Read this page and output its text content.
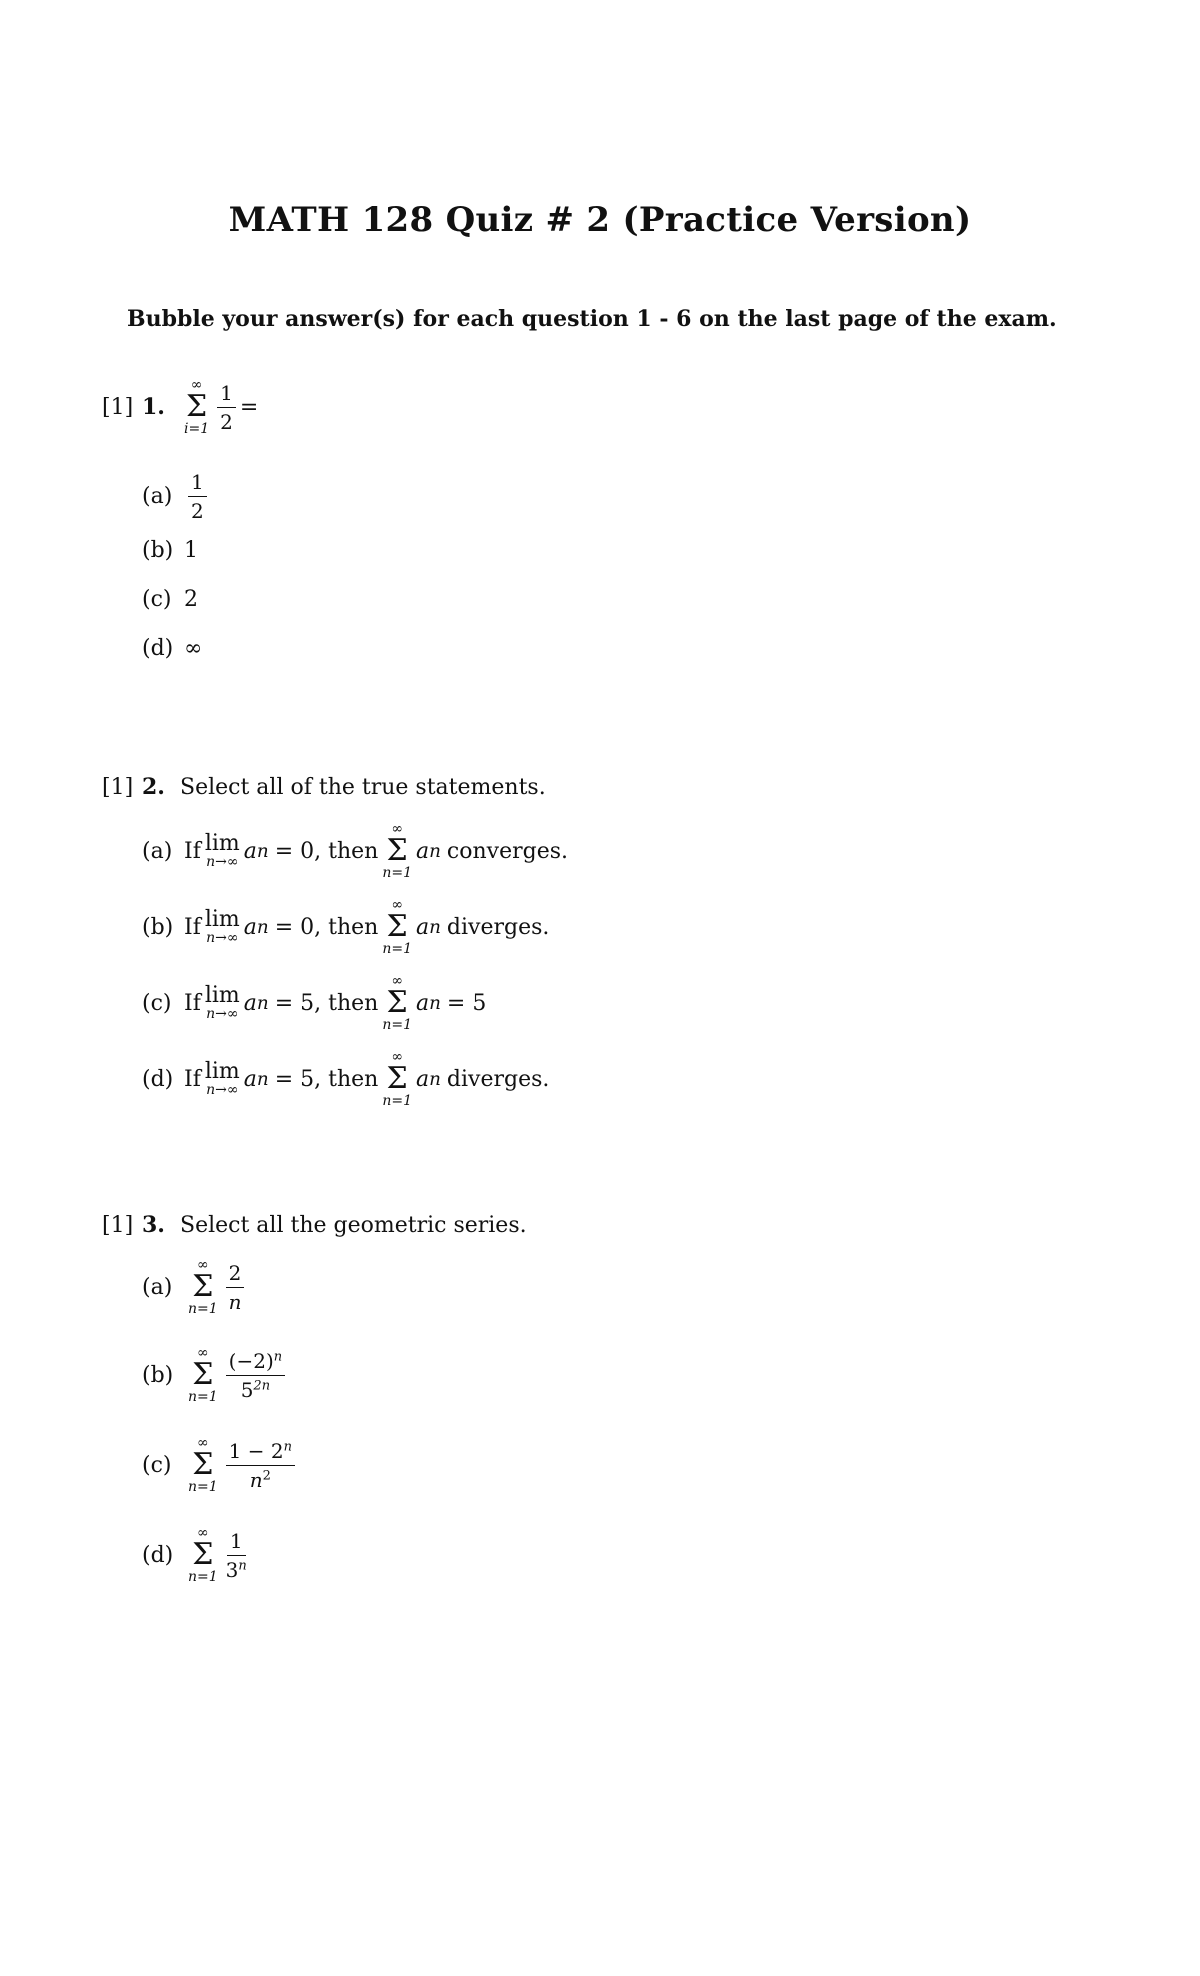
MATH 128 Quiz # 2 (Practice Version)
Bubble your answer(s) for each question 1 - 6 on the last page of the exam.
[1] 1.
∞
Σ
$i=1 \frac{1}{2}$ =
$(a) \frac{1}{2}$
(b) 1
(c) 2
(d) ∞
[1] 2. Select all of the true statements.
(a) If lim
n→∞ a n = 0, then
∞
Σ
n=1
a n converges.
(b) If lim
n→∞ a n = 0, then
∞
Σ
n=1
a n diverges.
(c) If lim
n→∞ a n = 5, then
∞
Σ
n=1
a n = 5
(d) If lim
n→∞ a n = 5, then
∞
Σ
n=1
a n diverges.
[1] 3. Select all the geometric series.
(a)
∞
Σ
$n=1 \frac{2}{n}$
(b)
∞
Σ
$n=1 \frac{(-2)^n}{5^{2n}}$
(c)
∞
Σ
$n=1 \frac{1 - 2^n}{n^2}$
(d)
∞
Σ
$n=1 \frac{1}{3^n}$
